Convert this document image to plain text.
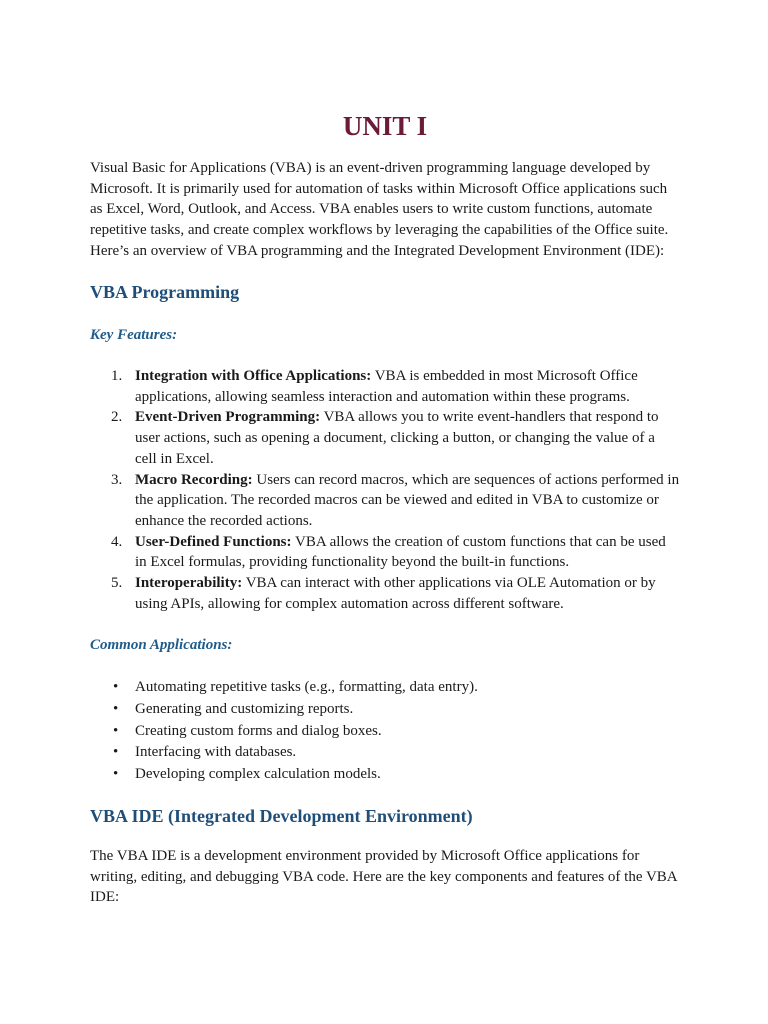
UNIT I

Visual Basic for Applications (VBA) is an event-driven programming language developed by Microsoft. It is primarily used for automation of tasks within Microsoft Office applications such as Excel, Word, Outlook, and Access. VBA enables users to write custom functions, automate repetitive tasks, and create complex workflows by leveraging the capabilities of the Office suite. Here’s an overview of VBA programming and the Integrated Development Environment (IDE):

VBA Programming
Key Features:
1. Integration with Office Applications: VBA is embedded in most Microsoft Office applications, allowing seamless interaction and automation within these programs.
2. Event-Driven Programming: VBA allows you to write event-handlers that respond to user actions, such as opening a document, clicking a button, or changing the value of a cell in Excel.
3. Macro Recording: Users can record macros, which are sequences of actions performed in the application. The recorded macros can be viewed and edited in VBA to customize or enhance the recorded actions.
4. User-Defined Functions: VBA allows the creation of custom functions that can be used in Excel formulas, providing functionality beyond the built-in functions.
5. Interoperability: VBA can interact with other applications via OLE Automation or by using APIs, allowing for complex automation across different software.
Common Applications:
• Automating repetitive tasks (e.g., formatting, data entry).
• Generating and customizing reports.
• Creating custom forms and dialog boxes.
• Interfacing with databases.
• Developing complex calculation models.
VBA IDE (Integrated Development Environment)

The VBA IDE is a development environment provided by Microsoft Office applications for writing, editing, and debugging VBA code. Here are the key components and features of the VBA IDE:
